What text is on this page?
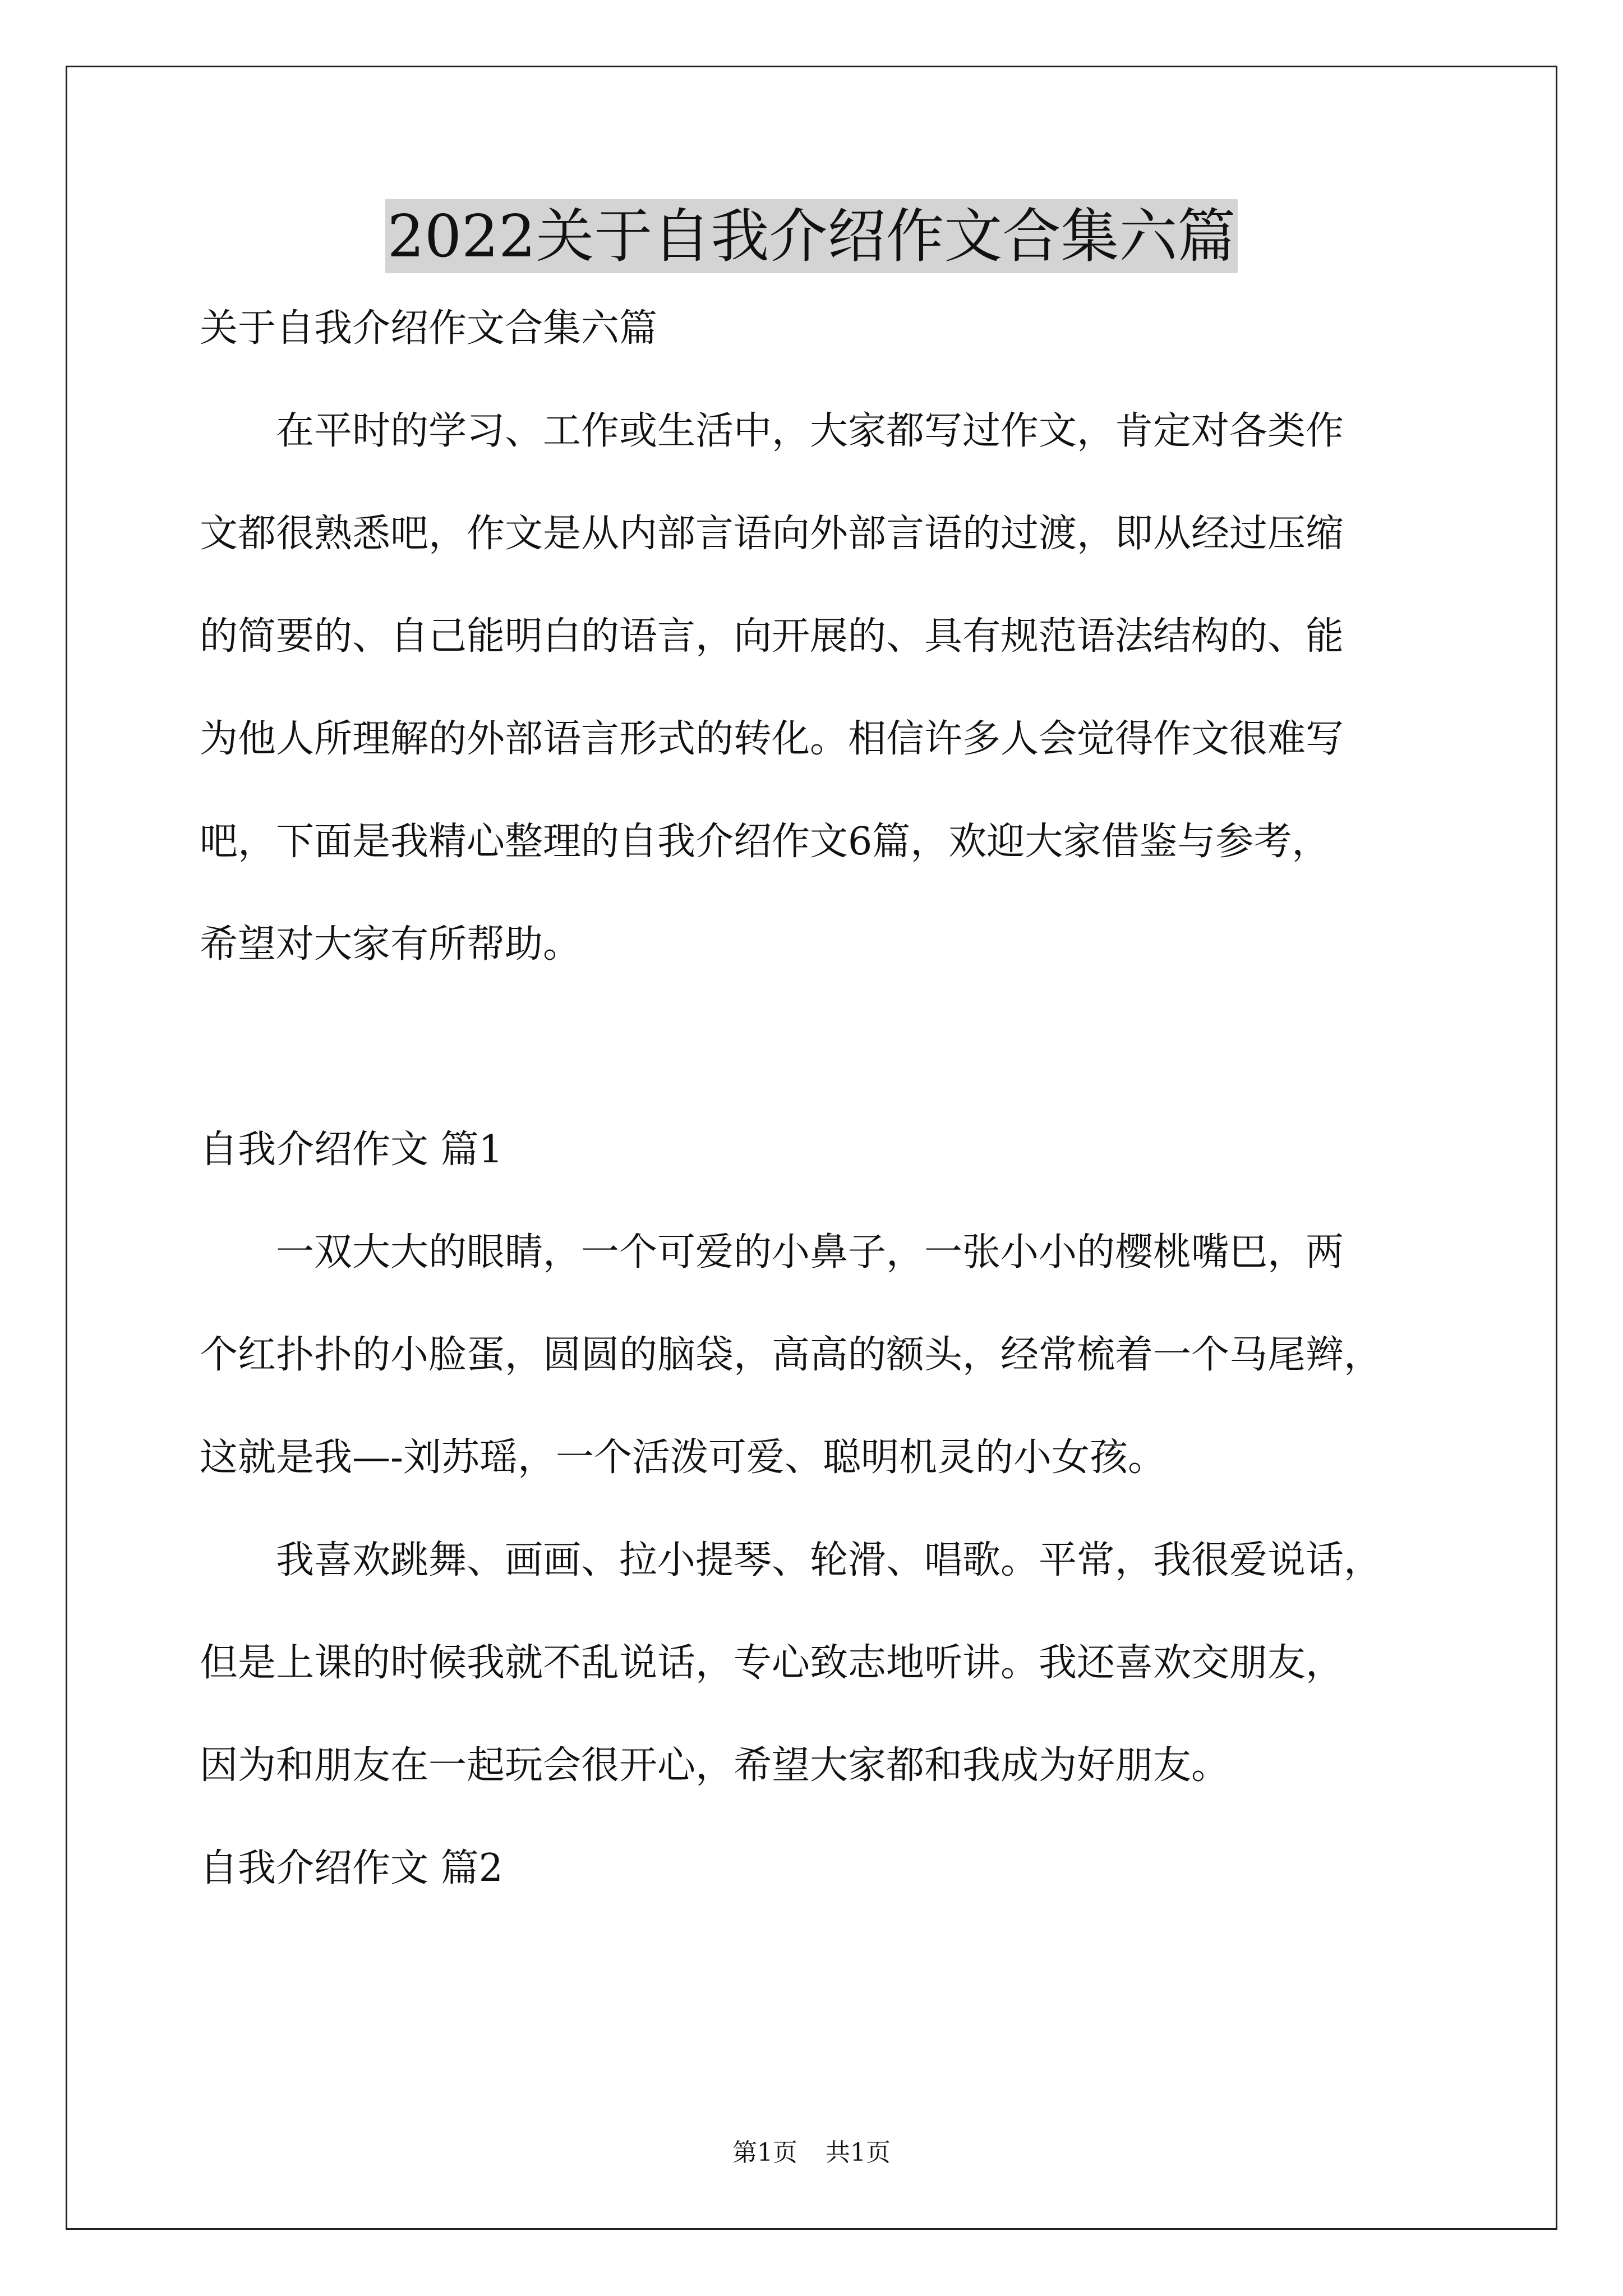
2022关于自我介绍作文合集六篇

关于自我介绍作文合集六篇

在平时的学习、工作或生活中，大家都写过作文，肯定对各类作

文都很熟悉吧，作文是从内部言语向外部言语的过渡，即从经过压缩

的简要的、自己能明白的语言，向开展的、具有规范语法结构的、能

为他人所理解的外部语言形式的转化。相信许多人会觉得作文很难写

吧，下面是我精心整理的自我介绍作文6篇，欢迎大家借鉴与参考，

希望对大家有所帮助。

自我介绍作文 篇1

一双大大的眼睛，一个可爱的小鼻子，一张小小的樱桃嘴巴，两

个红扑扑的小脸蛋，圆圆的脑袋，高高的额头，经常梳着一个马尾辫，

这就是我—-刘苏瑶，一个活泼可爱、聪明机灵的小女孩。

我喜欢跳舞、画画、拉小提琴、轮滑、唱歌。平常，我很爱说话，

但是上课的时候我就不乱说话，专心致志地听讲。我还喜欢交朋友，

因为和朋友在一起玩会很开心，希望大家都和我成为好朋友。

自我介绍作文 篇2

第1页 共1页
